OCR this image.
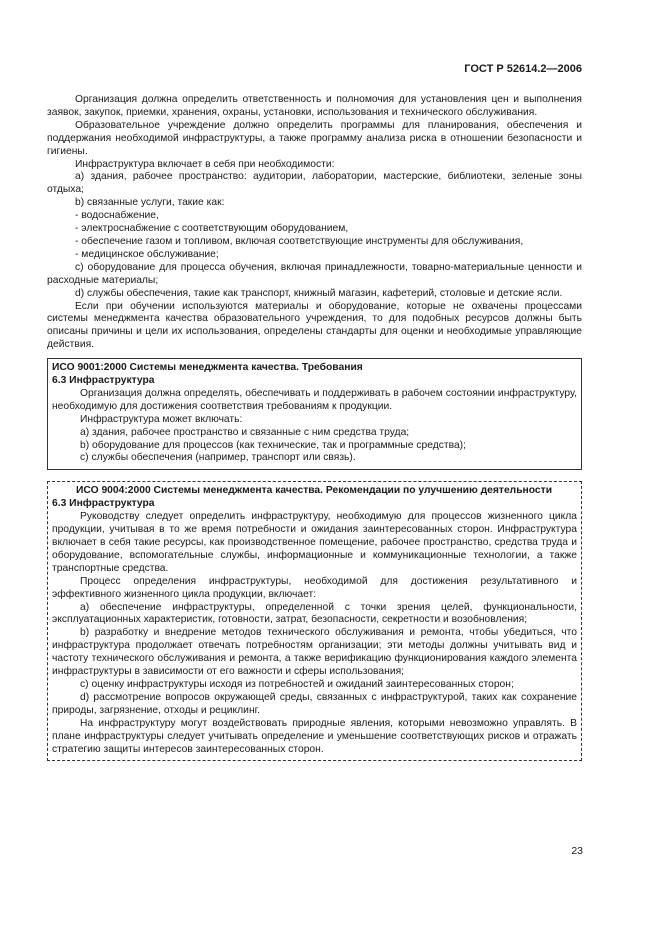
ГОСТ Р 52614.2—2006

Организация должна определить ответственность и полномочия для установления цен и выполнения заявок, закупок, приемки, хранения, охраны, установки, использования и технического обслуживания.

Образовательное учреждение должно определить программы для планирования, обеспечения и поддержания необходимой инфраструктуры, а также программу анализа риска в отношении безопасности и гигиены.

Инфраструктура включает в себя при необходимости:

а) здания, рабочее пространство: аудитории, лаборатории, мастерские, библиотеки, зеленые зоны отдыха;

b) связанные услуги, такие как:

- водоснабжение,

- электроснабжение с соответствующим оборудованием,

- обеспечение газом и топливом, включая соответствующие инструменты для обслуживания,

- медицинское обслуживание;

с) оборудование для процесса обучения, включая принадлежности, товарно-материальные ценности и расходные материалы;

d) службы обеспечения, такие как транспорт, книжный магазин, кафетерий, столовые и детские ясли.

Если при обучении используются материалы и оборудование, которые не охвачены процессами системы менеджмента качества образовательного учреждения, то для подобных ресурсов должны быть описаны причины и цели их использования, определены стандарты для оценки и необходимые управляющие действия.

ИСО 9001:2000 Системы менеджмента качества. Требования

6.3 Инфраструктура

Организация должна определять, обеспечивать и поддерживать в рабочем состоянии инфраструктуру, необходимую для достижения соответствия требованиям к продукции.

Инфраструктура может включать:

а) здания, рабочее пространство и связанные с ним средства труда;

b) оборудование для процессов (как технические, так и программные средства);

с) службы обеспечения (например, транспорт или связь).

ИСО 9004:2000 Системы менеджмента качества. Рекомендации по улучшению деятельности

6.3 Инфраструктура

Руководству следует определить инфраструктуру, необходимую для процессов жизненного цикла продукции, учитывая в то же время потребности и ожидания заинтересованных сторон. Инфраструктура включает в себя такие ресурсы, как производственное помещение, рабочее пространство, средства труда и оборудование, вспомогательные службы, информационные и коммуникационные технологии, а также транспортные средства.

Процесс определения инфраструктуры, необходимой для достижения результативного и эффективного жизненного цикла продукции, включает:

а) обеспечение инфраструктуры, определенной с точки зрения целей, функциональности, эксплуатационных характеристик, готовности, затрат, безопасности, секретности и возобновления;

b) разработку и внедрение методов технического обслуживания и ремонта, чтобы убедиться, что инфраструктура продолжает отвечать потребностям организации; эти методы должны учитывать вид и частоту технического обслуживания и ремонта, а также верификацию функционирования каждого элемента инфраструктуры в зависимости от его важности и сферы использования;

с) оценку инфраструктуры исходя из потребностей и ожиданий заинтересованных сторон;

d) рассмотрение вопросов окружающей среды, связанных с инфраструктурой, таких как сохранение природы, загрязнение, отходы и рециклинг.

На инфраструктуру могут воздействовать природные явления, которыми невозможно управлять. В плане инфраструктуры следует учитывать определение и уменьшение соответствующих рисков и отражать стратегию защиты интересов заинтересованных сторон.

23
